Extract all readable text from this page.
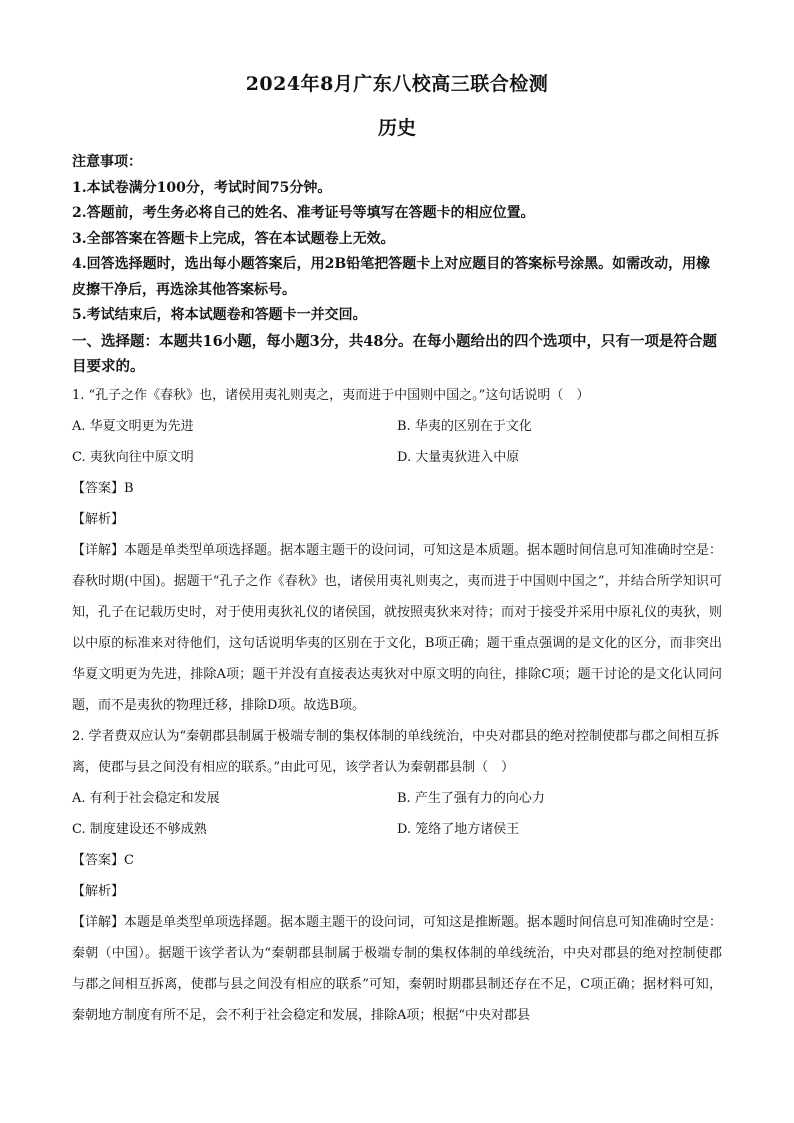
2024年8月广东八校高三联合检测
历史

注意事项：

1.本试卷满分100分，考试时间75分钟。

2.答题前，考生务必将自己的姓名、准考证号等填写在答题卡的相应位置。

3.全部答案在答题卡上完成，答在本试题卷上无效。

4.回答选择题时，选出每小题答案后，用2B铅笔把答题卡上对应题目的答案标号涂黑。如需改动，用橡皮擦干净后，再选涂其他答案标号。

5.考试结束后，将本试题卷和答题卡一并交回。

一、选择题：本题共16小题，每小题3分，共48分。在每小题给出的四个选项中，只有一项是符合题目要求的。

1. “孔子之作《春秋》也，诸侯用夷礼则夷之，夷而进于中国则中国之。”这句话说明（　）

A. 华夏文明更为先进	B. 华夷的区别在于文化
C. 夷狄向往中原文明	D. 大量夷狄进入中原

【答案】B

【解析】

【详解】本题是单类型单项选择题。据本题主题干的设问词，可知这是本质题。据本题时间信息可知准确时空是：春秋时期(中国)。据题干“孔子之作《春秋》也，诸侯用夷礼则夷之，夷而进于中国则中国之”，并结合所学知识可知，孔子在记载历史时，对于使用夷狄礼仪的诸侯国，就按照夷狄来对待；而对于接受并采用中原礼仪的夷狄，则以中原的标准来对待他们，这句话说明华夷的区别在于文化，B项正确；题干重点强调的是文化的区分，而非突出华夏文明更为先进，排除A项；题干并没有直接表达夷狄对中原文明的向往，排除C项；题干讨论的是文化认同问题，而不是夷狄的物理迁移，排除D项。故选B项。

2. 学者费双应认为“秦朝郡县制属于极端专制的集权体制的单线统治，中央对郡县的绝对控制使郡与郡之间相互拆离，使郡与县之间没有相应的联系。”由此可见，该学者认为秦朝郡县制（　）

A. 有利于社会稳定和发展	B. 产生了强有力的向心力
C. 制度建设还不够成熟	D. 笼络了地方诸侯王

【答案】C

【解析】

【详解】本题是单类型单项选择题。据本题主题干的设问词，可知这是推断题。据本题时间信息可知准确时空是：秦朝（中国）。据题干该学者认为“秦朝郡县制属于极端专制的集权体制的单线统治，中央对郡县的绝对控制使郡与郡之间相互拆离，使郡与县之间没有相应的联系”可知，秦朝时期郡县制还存在不足，C项正确；据材料可知，秦朝地方制度有所不足，会不利于社会稳定和发展，排除A项；根据“中央对郡县
